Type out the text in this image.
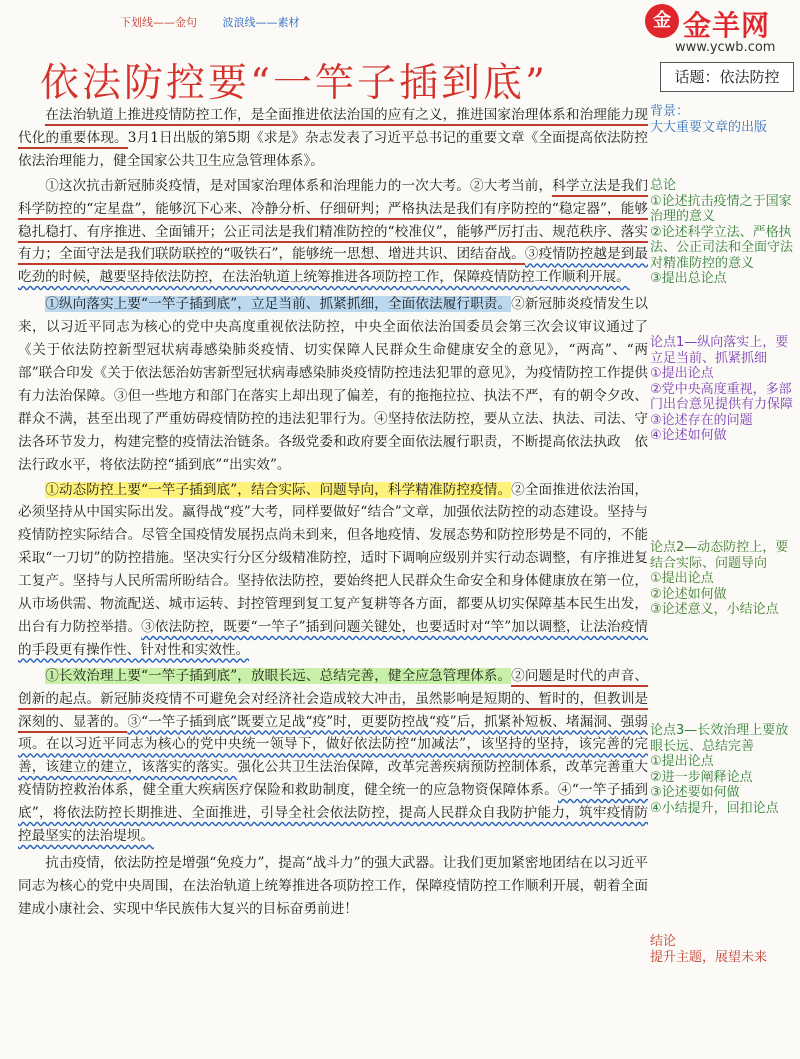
下划线——金句 波浪线——素材	金 金羊网
www.ycwb.com
依法防控要“一竿子插到底”	话题：依法防控

在法治轨道上推进疫情防控工作，是全面推进依法治国的应有之义，推进国家治理体系和治理能力现代化的重要体现。3月1日出版的第5期《求是》杂志发表了习近平总书记的重要文章《全面提高依法防控依法治理能力，健全国家公共卫生应急管理体系》。

①这次抗击新冠肺炎疫情，是对国家治理体系和治理能力的一次大考。②大考当前，科学立法是我们科学防控的“定星盘”，能够沉下心来、冷静分析、仔细研判；严格执法是我们有序防控的“稳定器”，能够稳扎稳打、有序推进、全面铺开；公正司法是我们精准防控的“校准仪”，能够严厉打击、规范秩序、落实有力；全面守法是我们联防联控的“吸铁石”，能够统一思想、增进共识、团结奋战。③疫情防控越是到最吃劲的时候，越要坚持依法防控，在法治轨道上统筹推进各项防控工作，保障疫情防控工作顺利开展。

①纵向落实上要“一竿子插到底”，立足当前、抓紧抓细，全面依法履行职责。②新冠肺炎疫情发生以来，以习近平同志为核心的党中央高度重视依法防控，中央全面依法治国委员会第三次会议审议通过了《关于依法防控新型冠状病毒感染肺炎疫情、切实保障人民群众生命健康安全的意见》，“两高”、“两部”联合印发《关于依法惩治妨害新型冠状病毒感染肺炎疫情防控违法犯罪的意见》，为疫情防控工作提供有力法治保障。③但一些地方和部门在落实上却出现了偏差，有的拖拖拉拉、执法不严，有的朝令夕改、群众不满，甚至出现了严重妨碍疫情防控的违法犯罪行为。④坚持依法防控，要从立法、执法、司法、守法各环节发力，构建完整的疫情法治链条。各级党委和政府要全面依法履行职责，不断提高依法执政　依法行政水平，将依法防控“插到底”“出实效”。

①动态防控上要“一竿子插到底”，结合实际、问题导向，科学精准防控疫情。②全面推进依法治国，必须坚持从中国实际出发。赢得战“疫”大考，同样要做好“结合”文章，加强依法防控的动态建设。坚持与疫情防控实际结合。尽管全国疫情发展拐点尚未到来，但各地疫情、发展态势和防控形势是不同的，不能采取“一刀切”的防控措施。坚决实行分区分级精准防控，适时下调响应级别并实行动态调整，有序推进复工复产。坚持与人民所需所盼结合。坚持依法防控，要始终把人民群众生命安全和身体健康放在第一位，从市场供需、物流配送、城市运转、封控管理到复工复产复耕等各方面，都要从切实保障基本民生出发，出台有力防控举措。③依法防控，既要“一竿子”插到问题关键处，也要适时对“竿”加以调整，让法治疫情的手段更有操作性、针对性和实效性。

①长效治理上要“一竿子插到底”，放眼长远、总结完善，健全应急管理体系。②问题是时代的声音、创新的起点。新冠肺炎疫情不可避免会对经济社会造成较大冲击，虽然影响是短期的、暂时的，但教训是深刻的、显著的。③“一竿子插到底”既要立足战“疫”时，更要防控战“疫”后，抓紧补短板、堵漏洞、强弱项。在以习近平同志为核心的党中央统一领导下，做好依法防控“加减法”，该坚持的坚持，该完善的完善，该建立的建立，该落实的落实。强化公共卫生法治保障，改革完善疾病预防控制体系，改革完善重大疫情防控救治体系，健全重大疾病医疗保险和救助制度，健全统一的应急物资保障体系。④“一竿子插到底”，将依法防控长期推进、全面推进，引导全社会依法防控，提高人民群众自我防护能力，筑牢疫情防控最坚实的法治堤坝。

抗击疫情，依法防控是增强“免疫力”，提高“战斗力”的强大武器。让我们更加紧密地团结在以习近平同志为核心的党中央周围，在法治轨道上统筹推进各项防控工作，保障疫情防控工作顺利开展，朝着全面建成小康社会、实现中华民族伟大复兴的目标奋勇前进！

背景：
大大重要文章的出版
总论
①论述抗击疫情之于国家治理的意义
②论述科学立法、严格执法、公正司法和全面守法对精准防控的意义
③提出总论点
论点1—纵向落实上，要立足当前、抓紧抓细
①提出论点
②党中央高度重视，多部门出台意见提供有力保障
③论述存在的问题
④论述如何做
论点2—动态防控上，要结合实际、问题导向
①提出论点
②论述如何做
③论述意义，小结论点
论点3—长效治理上要放眼长远、总结完善
①提出论点
②进一步阐释论点
③论述要如何做
④小结提升，回扣论点
结论
提升主题，展望未来
